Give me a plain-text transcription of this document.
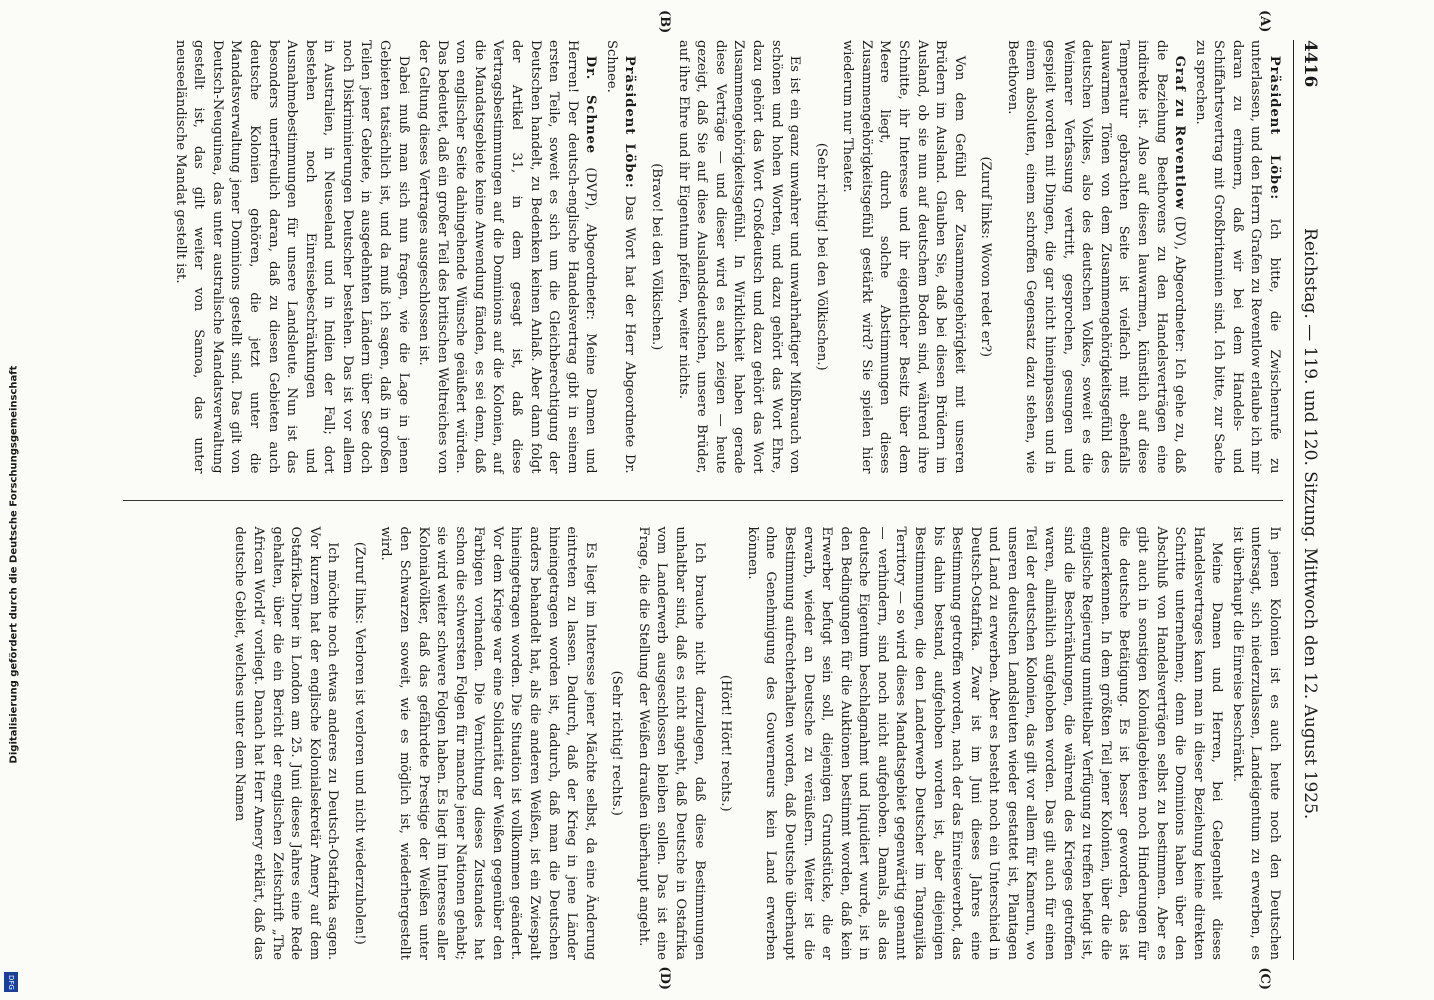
Digitalisierung gefördert durch die Deutsche Forschungsgemeinschaft
DFG
4416
Reichstag. — 119. und 120. Sitzung. Mittwoch den 12. August 1925.
(A)
(B)

Präsident Löbe: Ich bitte, die Zwischenrufe zu unterlassen, und den Herrn Grafen zu Reventlow erlaube ich mir daran zu erinnern, daß wir bei dem Handels- und Schiffahrtsvertrag mit Großbritannien sind. Ich bitte, zur Sache zu sprechen.

Graf zu Reventlow (DV), Abgeordneter: Ich gehe zu, daß die Beziehung Beethovens zu den Handelsverträgen eine indirekte ist. Also auf diesen lauwarmen, künstlich auf diese Temperatur gebrachten Seite ist vielfach mit ebenfalls lauwarmen Tönen von dem Zusammengehörigkeitsgefühl des deutschen Volkes, also des deutschen Volkes, soweit es die Weimarer Verfassung vertritt, gesprochen, gesungen und gespielt worden mit Dingen, die gar nicht hineinpassen und in einem absoluten, einem schroffen Gegensatz dazu stehen, wie Beethoven.

(Zuruf links: Wovon redet er?)

Von dem Gefühl der Zusammengehörigkeit mit unseren Brüdern im Ausland. Glauben Sie, daß bei diesen Brüdern im Ausland, ob sie nun auf deutschem Boden sind, während ihre Schnitte, ihr Interesse und ihr eigentlicher Besitz über dem Meere liegt, durch solche Abstimmungen dieses Zusammengehörigkeitsgefühl gestärkt wird? Sie spielen hier wiederum nur Theater.

(Sehr richtig! bei den Völkischen.)

Es ist ein ganz unwahrer und unwahrhaftiger Mißbrauch von schönen und hohen Worten, und dazu gehört das Wort Ehre, dazu gehört das Wort Großdeutsch und dazu gehört das Wort Zusammengehörigkeitsgefühl. In Wirklichkeit haben gerade diese Verträge — und dieser wird es auch zeigen — heute gezeigt, daß Sie auf diese Auslandsdeutschen, unsere Brüder, auf ihre Ehre und ihr Eigentum pfeifen, weiter nichts.

(Bravo! bei den Völkischen.)

Präsident Löbe: Das Wort hat der Herr Abgeordnete Dr. Schnee.

Dr. Schnee (DVP), Abgeordneter: Meine Damen und Herren! Der deutsch-englische Handelsvertrag gibt in seinem ersten Teile, soweit es sich um die Gleichberechtigung der Deutschen handelt, zu Bedenken keinen Anlaß. Aber dann folgt der Artikel 31, in dem gesagt ist, daß diese Vertragsbestimmungen auf die Dominions auf die Kolonien, auf die Mandatsgebiete keine Anwendung fänden, es sei denn, daß von englischer Seite dahingehende Wünsche geäußert würden. Das bedeutet, daß ein großer Teil des britischen Weltreiches von der Geltung dieses Vertrages ausgeschlossen ist.

Dabei muß man sich nun fragen, wie die Lage in jenen Gebieten tatsächlich ist, und da muß ich sagen, daß in großen Teilen jener Gebiete, in ausgedehnten Ländern über See doch noch Diskriminierungen Deutscher bestehen. Das ist vor allem in Australien, in Neuseeland und in Indien der Fall; dort bestehen noch Einreisebeschränkungen und Ausnahmebestimmungen für unsere Landsleute. Nun ist das besonders unerfreulich daran, daß zu diesen Gebieten auch deutsche Kolonien gehören, die jetzt unter die Mandatsverwaltung jener Dominions gestellt sind. Das gilt von Deutsch-Neuguinea, das unter australische Mandatsverwaltung gestellt ist, das gilt weiter von Samoa, das unter neuseeländische Mandat gestellt ist.

(C)
(D)

In jenen Kolonien ist es auch heute noch den Deutschen untersagt, sich niederzulassen, Landeigentum zu erwerben, es ist überhaupt die Einreise beschränkt.

Meine Damen und Herren, bei Gelegenheit dieses Handelsvertrages kann man in dieser Beziehung keine direkten Schritte unternehmen; denn die Dominions haben über den Abschluß von Handelsverträgen selbst zu bestimmen. Aber es gibt auch in sonstigen Kolonialgebieten noch Hinderungen für die deutsche Betätigung. Es ist besser geworden, das ist anzuerkennen. In dem größten Teil jener Kolonien, über die die englische Regierung unmittelbar Verfügung zu treffen befugt ist, sind die Beschränkungen, die während des Krieges getroffen waren, allmählich aufgehoben worden. Das gilt auch für einen Teil der deutschen Kolonien, das gilt vor allem für Kamerun, wo unseren deutschen Landsleuten wieder gestattet ist, Plantagen und Land zu erwerben. Aber es besteht noch ein Unterschied in Deutsch-Ostafrika. Zwar ist im Juni dieses Jahres eine Bestimmung getroffen worden, nach der das Einreiseverbot, das bis dahin bestand, aufgehoben worden ist, aber diejenigen Bestimmungen, die den Landerwerb Deutscher im Tanganjika Territory — so wird dieses Mandatsgebiet gegenwärtig genannt — verhindern, sind noch nicht aufgehoben. Damals, als das deutsche Eigentum beschlagnahmt und liquidiert wurde, ist in den Bedingungen für die Auktionen bestimmt worden, daß kein Erwerber befugt sein soll, diejenigen Grundstücke, die er erwarb, wieder an Deutsche zu veräußern. Weiter ist die Bestimmung aufrechterhalten worden, daß Deutsche überhaupt ohne Genehmigung des Gouverneurs kein Land erwerben können.

(Hört! Hört! rechts.)

Ich brauche nicht darzulegen, daß diese Bestimmungen unhaltbar sind, daß es nicht angeht, daß Deutsche in Ostafrika vom Landerwerb ausgeschlossen bleiben sollen. Das ist eine Frage, die die Stellung der Weißen draußen überhaupt angeht.

(Sehr richtig! rechts.)

Es liegt im Interesse jener Mächte selbst, da eine Änderung eintreten zu lassen. Dadurch, daß der Krieg in jene Länder hineingetragen worden ist, dadurch, daß man die Deutschen anders behandelt hat, als die anderen Weißen, ist ein Zwiespalt hineingetragen worden. Die Situation ist vollkommen geändert. Vor dem Kriege war eine Solidarität der Weißen gegenüber den Farbigen vorhanden. Die Vernichtung dieses Zustandes hat schon die schwersten Folgen für manche jener Nationen gehabt; sie wird weiter schwere Folgen haben. Es liegt im Interesse aller Kolonialvölker, daß das gefährdete Prestige der Weißen unter den Schwarzen soweit, wie es möglich ist, wiederhergestellt wird.

(Zuruf links: Verloren ist verloren und nicht wiederzuholen!)

Ich möchte noch etwas anderes zu Deutsch-Ostafrika sagen. Vor kurzem hat der englische Kolonialsekretär Amery auf dem Ostafrika-Diner in London am 25. Juni dieses Jahres eine Rede gehalten, über die ein Bericht der englischen Zeitschrift „The African World“ vorliegt. Danach hat Herr Amery erklärt, daß das deutsche Gebiet, welches unter dem Namen
